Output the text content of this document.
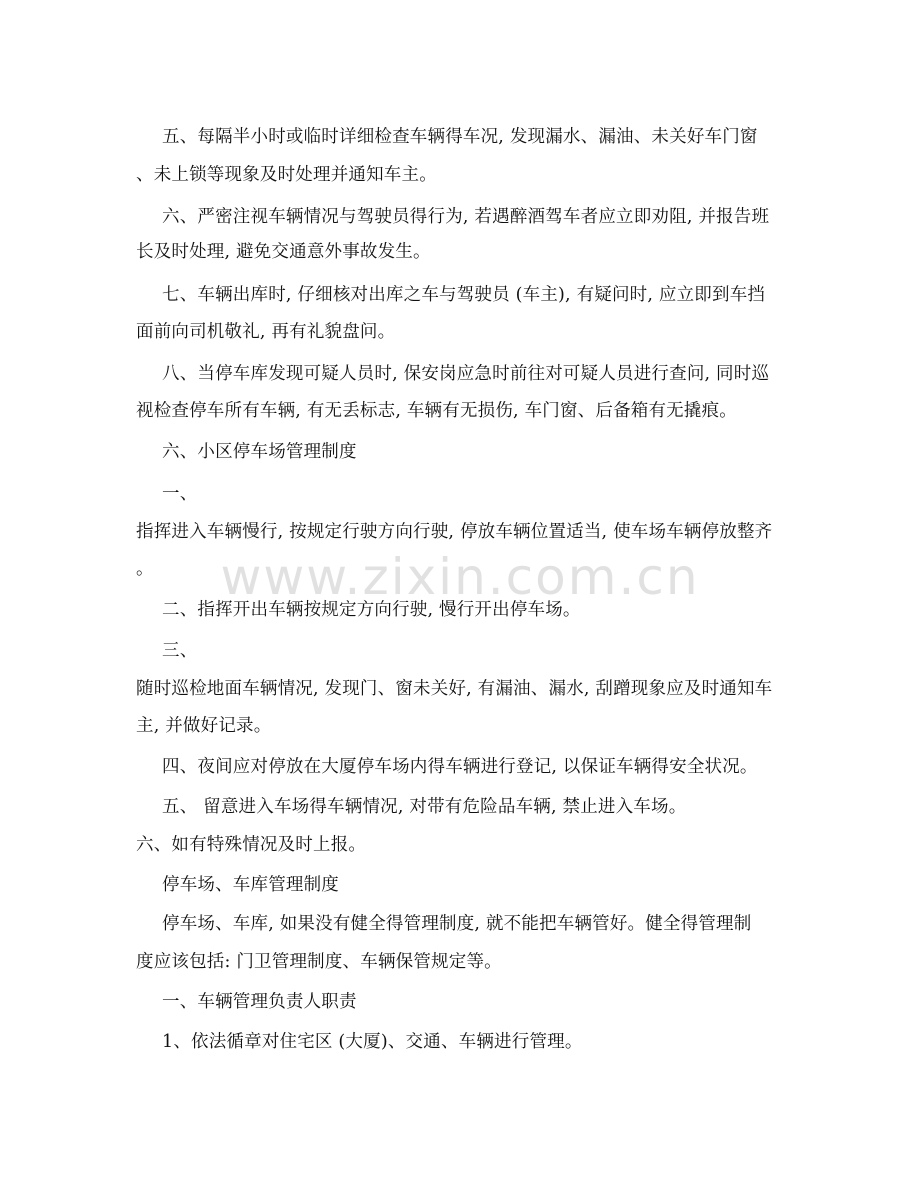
www.zixin.com.cn
五、每隔半小时或临时详细检查车辆得车况, 发现漏水、漏油、未关好车门窗
、未上锁等现象及时处理并通知车主。
六、严密注视车辆情况与驾驶员得行为, 若遇醉酒驾车者应立即劝阻, 并报告班
长及时处理, 避免交通意外事故发生。
七、车辆出库时, 仔细核对出库之车与驾驶员 (车主), 有疑问时, 应立即到车挡
面前向司机敬礼, 再有礼貌盘问。
八、当停车库发现可疑人员时, 保安岗应急时前往对可疑人员进行查问, 同时巡
视检查停车所有车辆, 有无丢标志, 车辆有无损伤, 车门窗、后备箱有无撬痕。
六、小区停车场管理制度
一、
指挥进入车辆慢行, 按规定行驶方向行驶, 停放车辆位置适当, 使车场车辆停放整齐
。
二、指挥开出车辆按规定方向行驶, 慢行开出停车场。
三、
随时巡检地面车辆情况, 发现门、窗未关好, 有漏油、漏水, 刮蹭现象应及时通知车
主, 并做好记录。
四、夜间应对停放在大厦停车场内得车辆进行登记, 以保证车辆得安全状况。
五、 留意进入车场得车辆情况, 对带有危险品车辆, 禁止进入车场。
六、如有特殊情况及时上报。
停车场、车库管理制度
停车场、车库, 如果没有健全得管理制度, 就不能把车辆管好。健全得管理制
度应该包括: 门卫管理制度、车辆保管规定等。
一、车辆管理负责人职责
1、依法循章对住宅区 (大厦)、交通、车辆进行管理。
